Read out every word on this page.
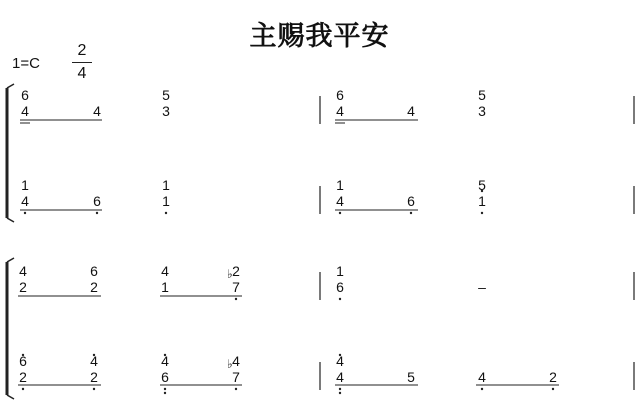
主赐我平安
1=C
2
4
6
4	4
5
3
6
4	4
5
3
1
4	6
1
1
1
4	6
5
1
4
2
6
2
4
1
♭ 2
7
1
6	–
6
2
4
2
4
6
♭ 4
7
4
4	5	4	2
